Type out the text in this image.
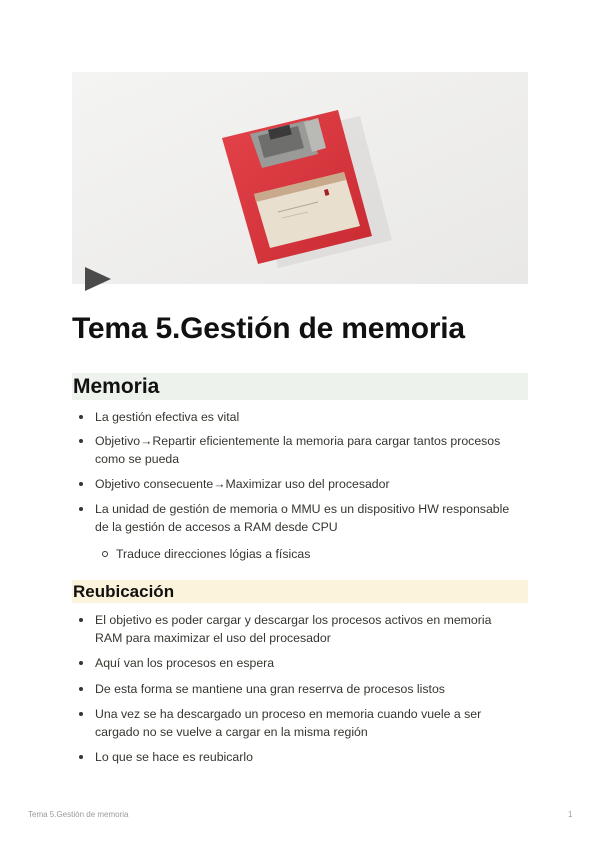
Tema 5.Gestión de memoria
Memoria
La gestión efectiva es vital
Objetivo→Repartir eficientemente la memoria para cargar tantos procesos como se pueda
Objetivo consecuente→Maximizar uso del procesador
La unidad de gestión de memoria o MMU es un dispositivo HW responsable de la gestión de accesos a RAM desde CPU
Traduce direcciones lógias a físicas
Reubicación
El objetivo es poder cargar y descargar los procesos activos en memoria RAM para maximizar el uso del procesador
Aquí van los procesos en espera
De esta forma se mantiene una gran reserrva de procesos listos
Una vez se ha descargado un proceso en memoria cuando vuele a ser cargado no se vuelve a cargar en la misma región
Lo que se hace es reubicarlo
Tema 5.Gestión de memoria	1
